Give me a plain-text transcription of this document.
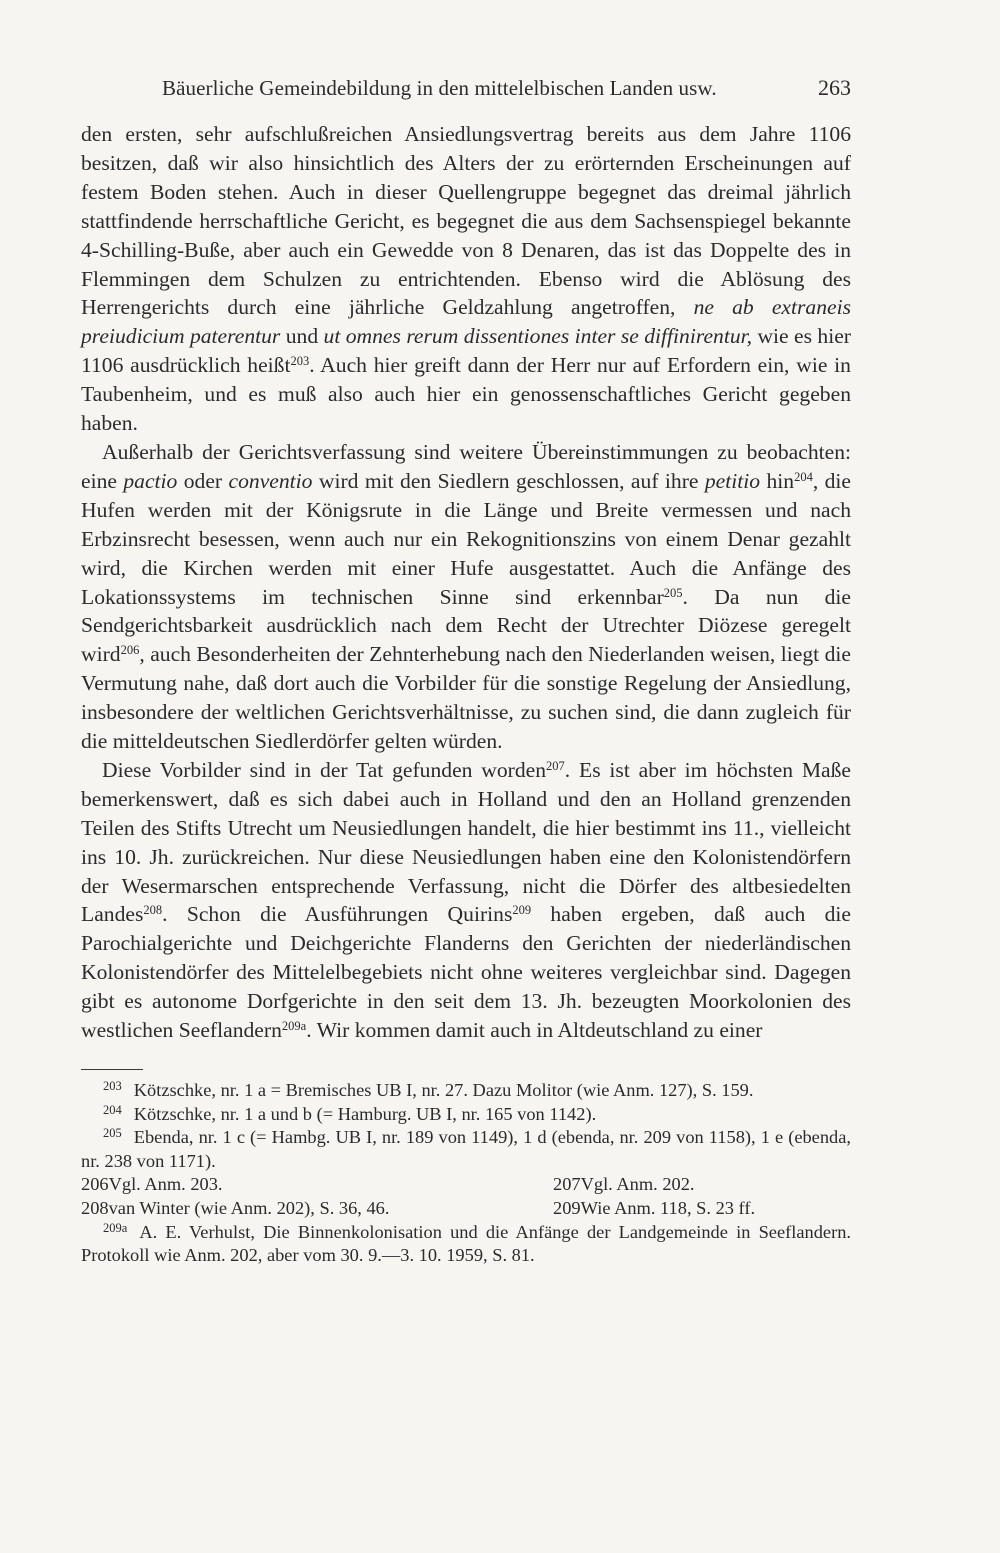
Bäuerliche Gemeindebildung in den mittelelbischen Landen usw.	263

den ersten, sehr aufschlußreichen Ansiedlungsvertrag bereits aus dem Jahre 1106 besitzen, daß wir also hinsichtlich des Alters der zu erörternden Erscheinungen auf festem Boden stehen. Auch in dieser Quellengruppe begegnet das dreimal jährlich stattfindende herrschaftliche Gericht, es begegnet die aus dem Sachsenspiegel bekannte 4-Schilling-Buße, aber auch ein Gewedde von 8 Denaren, das ist das Doppelte des in Flemmingen dem Schulzen zu entrichtenden. Ebenso wird die Ablösung des Herrengerichts durch eine jährliche Geldzahlung angetroffen, ne ab extraneis preiudicium paterentur und ut omnes rerum dissentiones inter se diffinirentur, wie es hier 1106 ausdrücklich heißt$^{203}$. Auch hier greift dann der Herr nur auf Erfordern ein, wie in Taubenheim, und es muß also auch hier ein genossenschaftliches Gericht gegeben haben.

Außerhalb der Gerichtsverfassung sind weitere Übereinstimmungen zu beobachten: eine pactio oder conventio wird mit den Siedlern geschlossen, auf ihre petitio hin$^{204}$, die Hufen werden mit der Königsrute in die Länge und Breite vermessen und nach Erbzinsrecht besessen, wenn auch nur ein Rekognitionszins von einem Denar gezahlt wird, die Kirchen werden mit einer Hufe ausgestattet. Auch die Anfänge des Lokationssystems im technischen Sinne sind erkennbar$^{205}$. Da nun die Sendgerichtsbarkeit ausdrücklich nach dem Recht der Utrechter Diözese geregelt wird$^{206}$, auch Besonderheiten der Zehnterhebung nach den Niederlanden weisen, liegt die Vermutung nahe, daß dort auch die Vorbilder für die sonstige Regelung der Ansiedlung, insbesondere der weltlichen Gerichtsverhältnisse, zu suchen sind, die dann zugleich für die mitteldeutschen Siedlerdörfer gelten würden.

Diese Vorbilder sind in der Tat gefunden worden$^{207}$. Es ist aber im höchsten Maße bemerkenswert, daß es sich dabei auch in Holland und den an Holland grenzenden Teilen des Stifts Utrecht um Neusiedlungen handelt, die hier bestimmt ins 11., vielleicht ins 10. Jh. zurückreichen. Nur diese Neusiedlungen haben eine den Kolonistendörfern der Wesermarschen entsprechende Verfassung, nicht die Dörfer des altbesiedelten Landes$^{208}$. Schon die Ausführungen Quirins$^{209}$ haben ergeben, daß auch die Parochialgerichte und Deichgerichte Flanderns den Gerichten der niederländischen Kolonistendörfer des Mittelelbegebiets nicht ohne weiteres vergleichbar sind. Dagegen gibt es autonome Dorfgerichte in den seit dem 13. Jh. bezeugten Moorkolonien des westlichen Seeflandern$^{209a}$. Wir kommen damit auch in Altdeutschland zu einer

203 Kötzschke, nr. 1 a = Bremisches UB I, nr. 27. Dazu Molitor (wie Anm. 127), S. 159.
204 Kötzschke, nr. 1 a und b (= Hamburg. UB I, nr. 165 von 1142).
205 Ebenda, nr. 1 c (= Hambg. UB I, nr. 189 von 1149), 1 d (ebenda, nr. 209 von 1158), 1 e (ebenda, nr. 238 von 1171).
206Vgl. Anm. 203.	207Vgl. Anm. 202.
208van Winter (wie Anm. 202), S. 36, 46.	209Wie Anm. 118, S. 23 ff.
209a A. E. Verhulst, Die Binnenkolonisation und die Anfänge der Landgemeinde in Seeflandern. Protokoll wie Anm. 202, aber vom 30. 9.—3. 10. 1959, S. 81.
